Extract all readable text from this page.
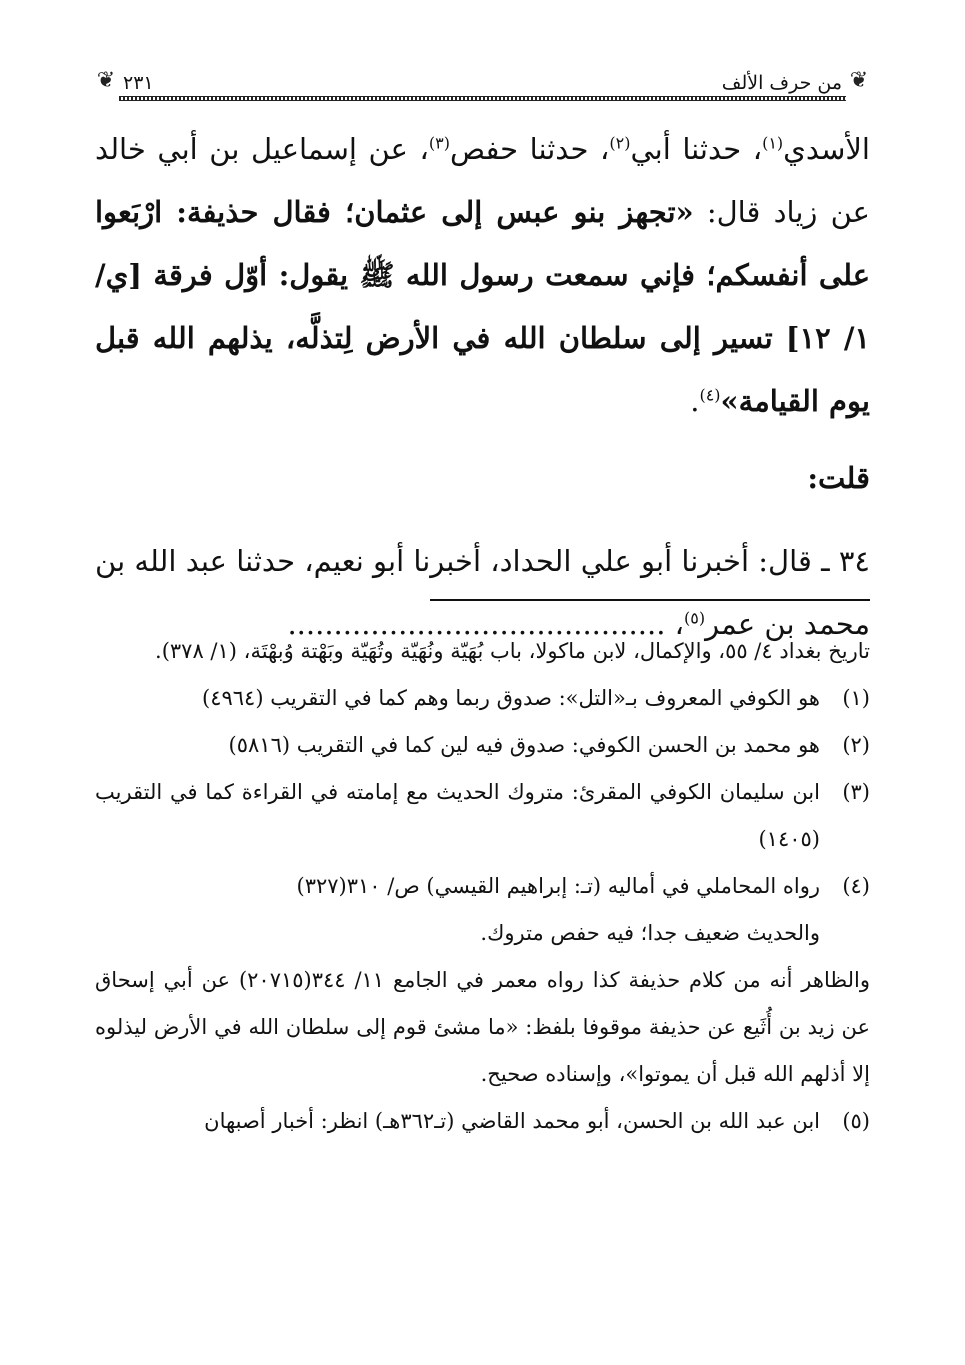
❦
من حرف الألف
٢٣١
❦

الأسدي$^{(١)}$، حدثنا أبي$^{(٢)}$، حدثنا حفص$^{(٣)}$، عن إسماعيل بن أبي خالد عن زياد قال: «تجهز بنو عبس إلى عثمان؛ فقال حذيفة: ارْبَعوا على أنفسكم؛ فإني سمعت رسول الله ﷺ يقول: أوّل فرقة [ي/ ١/ ١٢] تسير إلى سلطان الله في الأرض لِتذلَّه، يذلهم الله قبل يوم القيامة»$^{(٤)}$.

قلت:

٣٤ ـ قال: أخبرنا أبو علي الحداد، أخبرنا أبو نعيم، حدثنا عبد الله بن محمد بن عمر$^{(٥)}$، .........................................

تاريخ بغداد ٤/ ٥٥، والإكمال، لابن ماكولا، باب بُهَيّة ونُهَيّة وتُهَيّة وبَهْتة وُبهْتَة، (١/ ٣٧٨).

(١)
هو الكوفي المعروف بـ«التل»: صدوق ربما وهم كما في التقريب (٤٩٦٤)
(٢)
هو محمد بن الحسن الكوفي: صدوق فيه لين كما في التقريب (٥٨١٦)
(٣)
ابن سليمان الكوفي المقرئ: متروك الحديث مع إمامته في القراءة كما في التقريب (١٤٠٥)
(٤)
رواه المحاملي في أماليه (تـ: إبراهيم القيسي) ص/ ٣١٠(٣٢٧)

والحديث ضعيف جدا؛ فيه حفص متروك.

والظاهر أنه من كلام حذيفة كذا رواه معمر في الجامع ١١/ ٣٤٤(٢٠٧١٥) عن أبي إسحاق عن زيد بن أُثَيع عن حذيفة موقوفا بلفظ: «ما مشئ قوم إلى سلطان الله في الأرض ليذلوه إلا أذلهم الله قبل أن يموتوا»، وإسناده صحيح.

(٥)
ابن عبد الله بن الحسن، أبو محمد القاضي (تـ٣٦٢هـ) انظر: أخبار أصبهان
